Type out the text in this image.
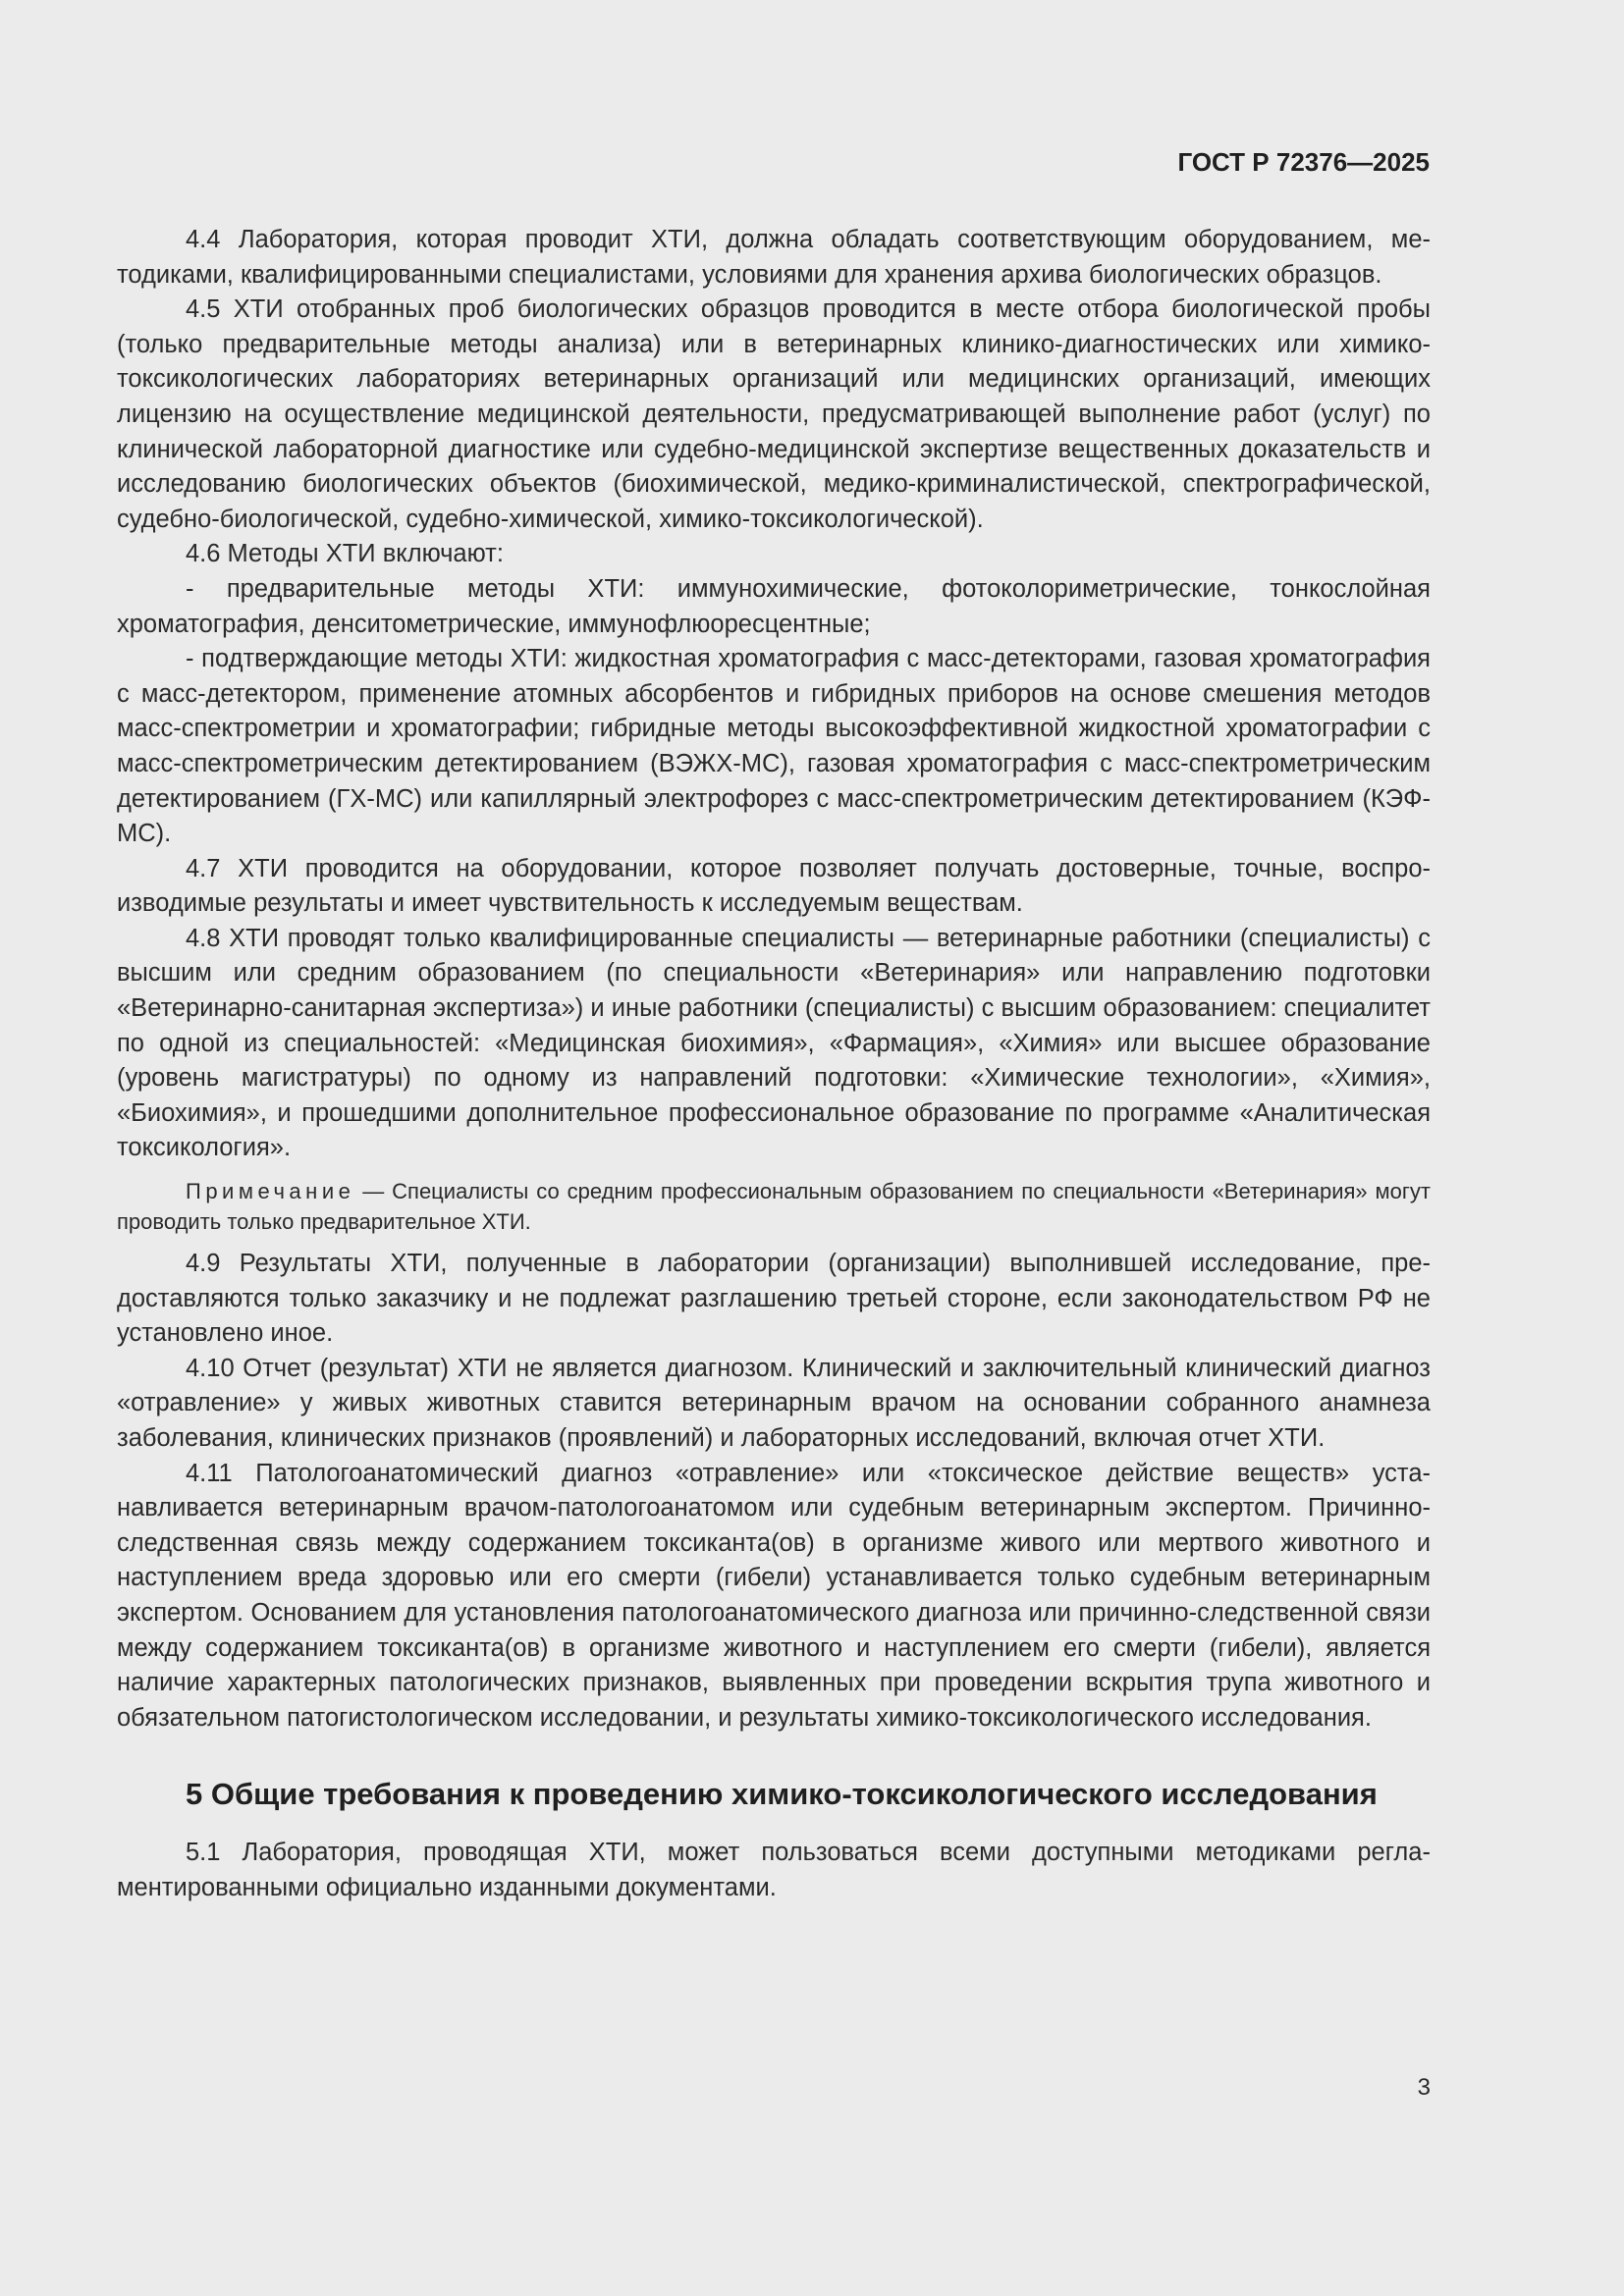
ГОСТ Р 72376—2025

4.4 Лаборатория, которая проводит ХТИ, должна обладать соответствующим оборудованием, методиками, квалифицированными специалистами, условиями для хранения архива биологических образцов.

4.5 ХТИ отобранных проб биологических образцов проводится в месте отбора биологической пробы (только предварительные методы анализа) или в ветеринарных клинико-диагностических или химико-токсикологических лабораториях ветеринарных организаций или медицинских организаций, имеющих лицензию на осуществление медицинской деятельности, предусматривающей выполнение работ (услуг) по клинической лабораторной диагностике или судебно-медицинской экспертизе вещественных доказательств и исследованию биологических объектов (биохимической, медико-криминалистической, спектрографической, судебно-биологической, судебно-химической, химико-токсикологической).

4.6 Методы ХТИ включают:

- предварительные методы ХТИ: иммунохимические, фотоколориметрические, тонкослойная хроматография, денситометрические, иммунофлюоресцентные;

- подтверждающие методы ХТИ: жидкостная хроматография с масс-детекторами, газовая хроматография с масс-детектором, применение атомных абсорбентов и гибридных приборов на основе смешения методов масс-спектрометрии и хроматографии; гибридные методы высокоэффективной жидкостной хроматографии с масс-спектрометрическим детектированием (ВЭЖХ-МС), газовая хроматография с масс-спектрометрическим детектированием (ГХ-МС) или капиллярный электрофорез с масс-спектрометрическим детектированием (КЭФ-МС).

4.7 ХТИ проводится на оборудовании, которое позволяет получать достоверные, точные, воспроизводимые результаты и имеет чувствительность к исследуемым веществам.

4.8 ХТИ проводят только квалифицированные специалисты — ветеринарные работники (специалисты) с высшим или средним образованием (по специальности «Ветеринария» или направлению подготовки «Ветеринарно-санитарная экспертиза») и иные работники (специалисты) с высшим образованием: специалитет по одной из специальностей: «Медицинская биохимия», «Фармация», «Химия» или высшее образование (уровень магистратуры) по одному из направлений подготовки: «Химические технологии», «Химия», «Биохимия», и прошедшими дополнительное профессиональное образование по программе «Аналитическая токсикология».

Примечание — Специалисты со средним профессиональным образованием по специальности «Ветеринария» могут проводить только предварительное ХТИ.

4.9 Результаты ХТИ, полученные в лаборатории (организации) выполнившей исследование, предоставляются только заказчику и не подлежат разглашению третьей стороне, если законодательством РФ не установлено иное.

4.10 Отчет (результат) ХТИ не является диагнозом. Клинический и заключительный клинический диагноз «отравление» у живых животных ставится ветеринарным врачом на основании собранного анамнеза заболевания, клинических признаков (проявлений) и лабораторных исследований, включая отчет ХТИ.

4.11 Патологоанатомический диагноз «отравление» или «токсическое действие веществ» устанавливается ветеринарным врачом-патологоанатомом или судебным ветеринарным экспертом. Причинно-следственная связь между содержанием токсиканта(ов) в организме живого или мертвого животного и наступлением вреда здоровью или его смерти (гибели) устанавливается только судебным ветеринарным экспертом. Основанием для установления патологоанатомического диагноза или причинно-следственной связи между содержанием токсиканта(ов) в организме животного и наступлением его смерти (гибели), является наличие характерных патологических признаков, выявленных при проведении вскрытия трупа животного и обязательном патогистологическом исследовании, и результаты химико-токсикологического исследования.

5 Общие требования к проведению химико-токсикологического исследования

5.1 Лаборатория, проводящая ХТИ, может пользоваться всеми доступными методиками регламентированными официально изданными документами.

3
